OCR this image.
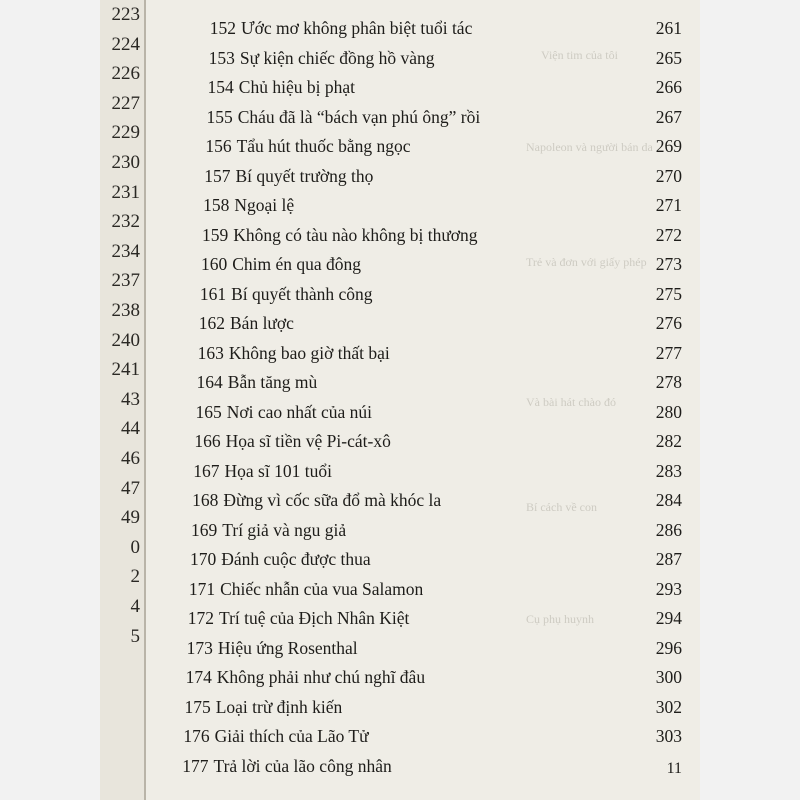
223
224
226
227
229
230
231
232
234
237
238
240
241
43
44
46
47
49
0
2
4
5
Viện tim của tôi
Napoleon và người bán da
Trẻ và đơn với giấy phép
Và bài hát chào đó
Bí cách về con
Cụ phụ huynh
152 Ước mơ không phân biệt tuổi tác	261
153 Sự kiện chiếc đồng hồ vàng	265
154 Chủ hiệu bị phạt	266
155 Cháu đã là “bách vạn phú ông” rồi	267
156 Tẩu hút thuốc bằng ngọc	269
157 Bí quyết trường thọ	270
158 Ngoại lệ	271
159 Không có tàu nào không bị thương	272
160 Chim én qua đông	273
161 Bí quyết thành công	275
162 Bán lược	276
163 Không bao giờ thất bại	277
164 Bẫn tăng mù	278
165 Nơi cao nhất của núi	280
166 Họa sĩ tiền vệ Pi-cát-xô	282
167 Họa sĩ 101 tuổi	283
168 Đừng vì cốc sữa đổ mà khóc la	284
169 Trí giả và ngu giả	286
170 Đánh cuộc được thua	287
171 Chiếc nhẫn của vua Salamon	293
172 Trí tuệ của Địch Nhân Kiệt	294
173 Hiệu ứng Rosenthal	296
174 Không phải như chú nghĩ đâu	300
175 Loại trừ định kiến	302
176 Giải thích của Lão Tử	303
177 Trả lời của lão công nhân	11
